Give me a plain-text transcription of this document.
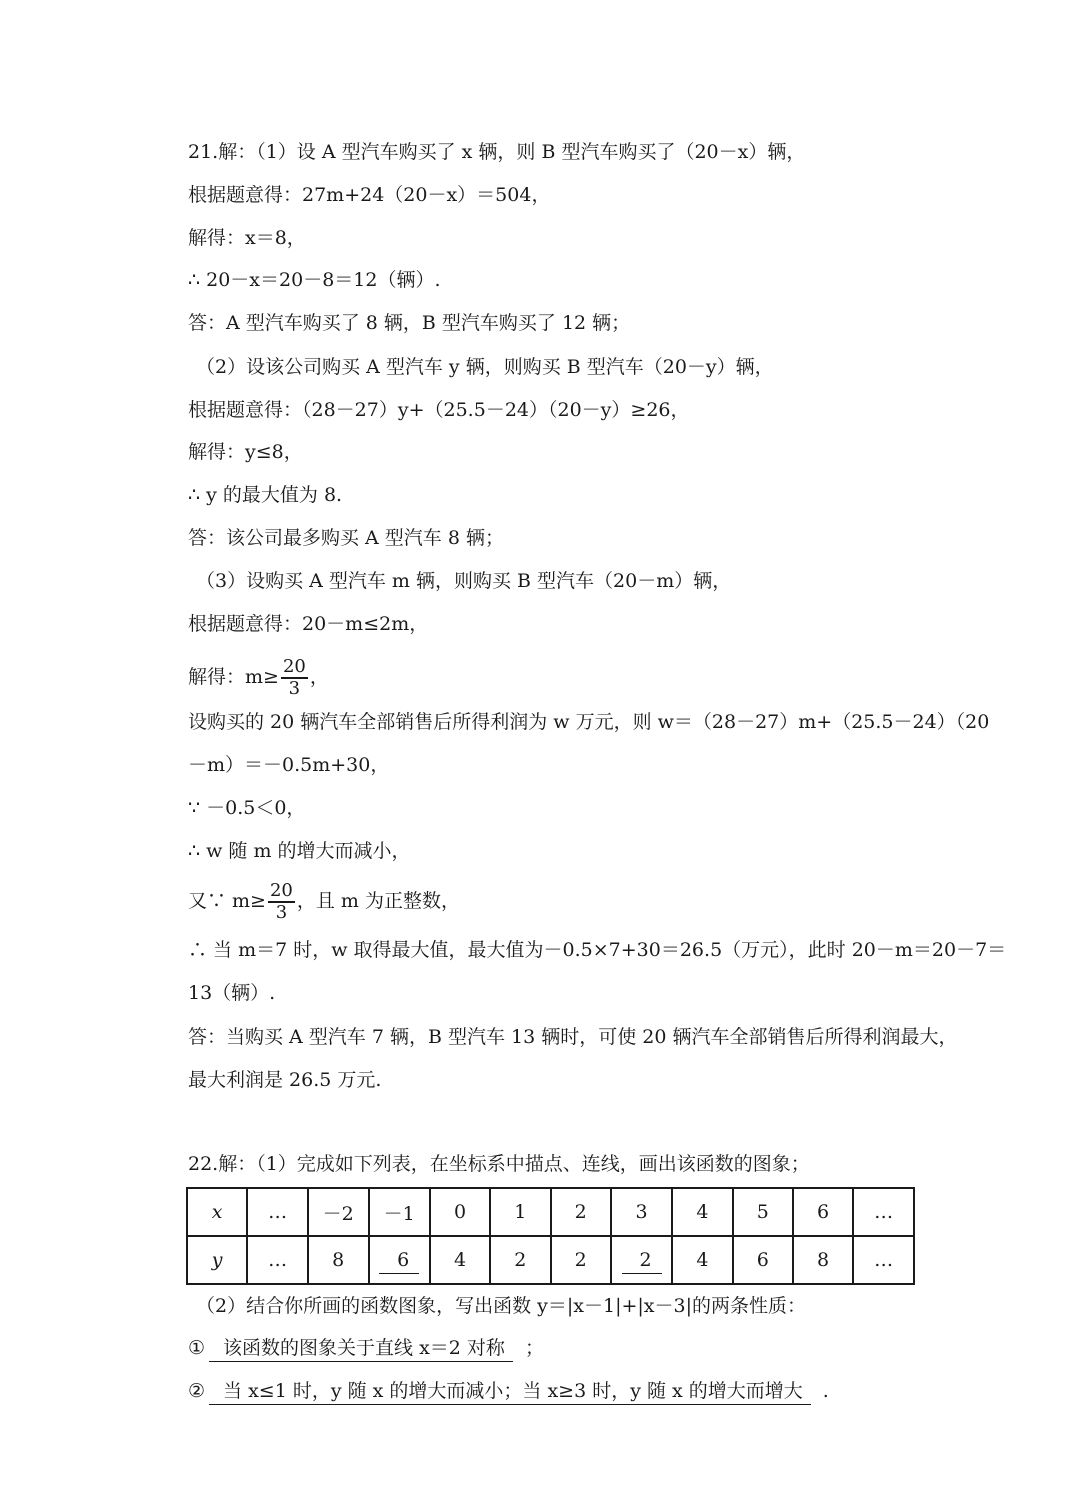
21.解：（1）设 A 型汽车购买了 x 辆，则 B 型汽车购买了（20－x）辆，
根据题意得：27m+24（20－x）＝504，
解得：x＝8，
∴ 20－x＝20－8＝12（辆）.
答：A 型汽车购买了 8 辆，B 型汽车购买了 12 辆；
（2）设该公司购买 A 型汽车 y 辆，则购买 B 型汽车（20－y）辆，
根据题意得：（28－27）y+（25.5－24）（20－y）≥26，
解得：y≤8，
∴ y 的最大值为 8.
答：该公司最多购买 A 型汽车 8 辆；
（3）设购买 A 型汽车 m 辆，则购买 B 型汽车（20－m）辆，
根据题意得：20－m≤2m，
解得：$m\ge \frac{20}{3}$ ，
设购买的 20 辆汽车全部销售后所得利润为 w 万元，则 w＝（28－27）m+（25.5－24）（20
－m）＝－0.5m+30，
∵ －0.5＜0，
∴ w 随 m 的增大而减小，
又∵ $m\ge \frac{20}{3}$ ，且 m 为正整数，
∴ 当 m＝7 时，w 取得最大值，最大值为－0.5×7+30＝26.5（万元），此时 20－m＝20－7＝
13（辆）.
答：当购买 A 型汽车 7 辆，B 型汽车 13 辆时，可使 20 辆汽车全部销售后所得利润最大，
最大利润是 26.5 万元.
22.解：（1）完成如下列表，在坐标系中描点、连线，画出该函数的图象；
x	…	－2	－1	0	1	2	3	4	5	6	…
y	…	8	6	4	2	2	2	4	6	8	…
（2）结合你所画的函数图象，写出函数 y＝|x－1|+|x－3|的两条性质：
① 该函数的图象关于直线 x＝2 对称 ；
② 当 x≤1 时，y 随 x 的增大而减小；当 x≥3 时，y 随 x 的增大而增大 .
